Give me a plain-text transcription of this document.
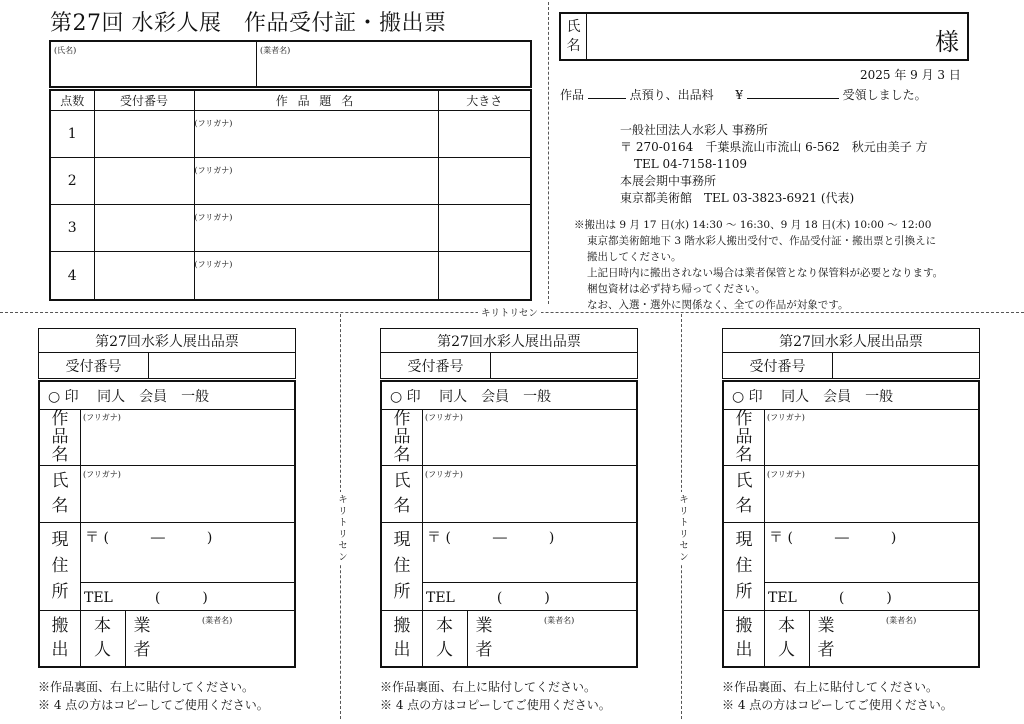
第27回 水彩人展　作品受付証・搬出票
(氏名)	(業者名)
点数	受付番号	作 品 題 名	大きさ
1		(フリガナ)	
2		(フリガナ)	
3		(フリガナ)	
4		(フリガナ)	
氏
名	様
2025 年 9 月 3 日
作品	点預り、出品料 ¥	受領しました。
一般社団法人水彩人 事務所
〒 270-0164　千葉県流山市流山 6-562　秋元由美子 方
TEL 04-7158-1109
本展会期中事務所
東京都美術館　TEL 03-3823-6921 (代表)
※搬出は 9 月 17 日(水) 14:30 〜 16:30、9 月 18 日(木) 10:00 〜 12:00
東京都美術館地下 3 階水彩人搬出受付で、作品受付証・搬出票と引換えに
搬出してください。
上記日時内に搬出されない場合は業者保管となり保管料が必要となります。
梱包資材は必ず持ち帰ってください。
なお、入選・選外に関係なく、全ての作品が対象です。
キリトリセン
キリトリセン	キリトリセン
第27回水彩人展出品票
受付番号
○ 印　 同人　会員　一般
作
品
名
(フリガナ)
氏
名
(フリガナ)
現
住
所
〒 (　　　―　　　)
TEL　　　(　　　)
搬
出
本
人
業
者
(業者名)
※作品裏面、右上に貼付してください。
※ 4 点の方はコピーしてご使用ください。
第27回水彩人展出品票
受付番号
○ 印　 同人　会員　一般
作
品
名
(フリガナ)
氏
名
(フリガナ)
現
住
所
〒 (　　　―　　　)
TEL　　　(　　　)
搬
出
本
人
業
者
(業者名)
※作品裏面、右上に貼付してください。
※ 4 点の方はコピーしてご使用ください。
第27回水彩人展出品票
受付番号
○ 印　 同人　会員　一般
作
品
名
(フリガナ)
氏
名
(フリガナ)
現
住
所
〒 (　　　―　　　)
TEL　　　(　　　)
搬
出
本
人
業
者
(業者名)
※作品裏面、右上に貼付してください。
※ 4 点の方はコピーしてご使用ください。
